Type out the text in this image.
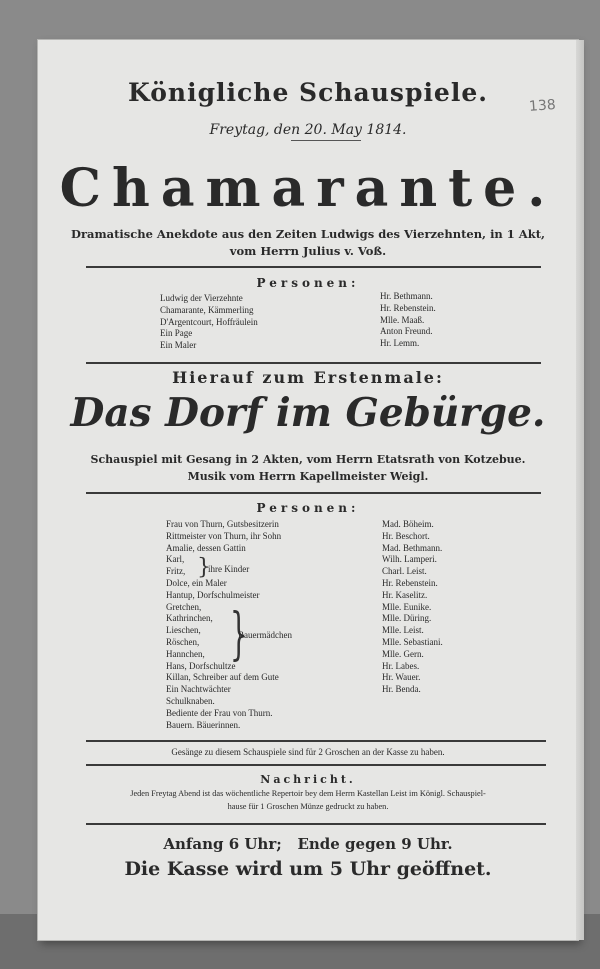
138
Königliche Schauspiele.
Freytag, den 20. May 1814.
Chamarante.
Dramatische Anekdote aus den Zeiten Ludwigs des Vierzehnten, in 1 Akt,
vom Herrn Julius v. Voß.
Personen:
Ludwig der Vierzehnte
Chamarante, Kämmerling
D'Argentcourt, Hoffräulein
Ein Page
Ein Maler
Hr. Bethmann.
Hr. Rebenstein.
Mlle. Maaß.
Anton Freund.
Hr. Lemm.
Hierauf zum Erstenmale:
Das Dorf im Gebürge.
Schauspiel mit Gesang in 2 Akten, vom Herrn Etatsrath von Kotzebue.
Musik vom Herrn Kapellmeister Weigl.
Personen:
Frau von Thurn, Gutsbesitzerin
Rittmeister von Thurn, ihr Sohn
Amalie, dessen Gattin
Karl,
Fritz,
Dolce, ein Maler
Hantup, Dorfschulmeister
Gretchen,
Kathrinchen,
Lieschen,
Röschen,
Hannchen,
Hans, Dorfschultze
Killan, Schreiber auf dem Gute
Ein Nachtwächter
Schulknaben.
Bediente der Frau von Thurn.
Bauern. Bäuerinnen.
}
ihre Kinder
}
Bauermädchen
Mad. Böheim.
Hr. Beschort.
Mad. Bethmann.
Wilh. Lamperi.
Charl. Leist.
Hr. Rebenstein.
Hr. Kaselitz.
Mlle. Eunike.
Mlle. Düring.
Mlle. Leist.
Mlle. Sebastiani.
Mlle. Gern.
Hr. Labes.
Hr. Wauer.
Hr. Benda.
Gesänge zu diesem Schauspiele sind für 2 Groschen an der Kasse zu haben.
Nachricht.
Jeden Freytag Abend ist das wöchentliche Repertoir bey dem Herrn Kastellan Leist im Königl. Schauspiel-
hause für 1 Groschen Münze gedruckt zu haben.
Anfang 6 Uhr;   Ende gegen 9 Uhr.
Die Kasse wird um 5 Uhr geöffnet.
